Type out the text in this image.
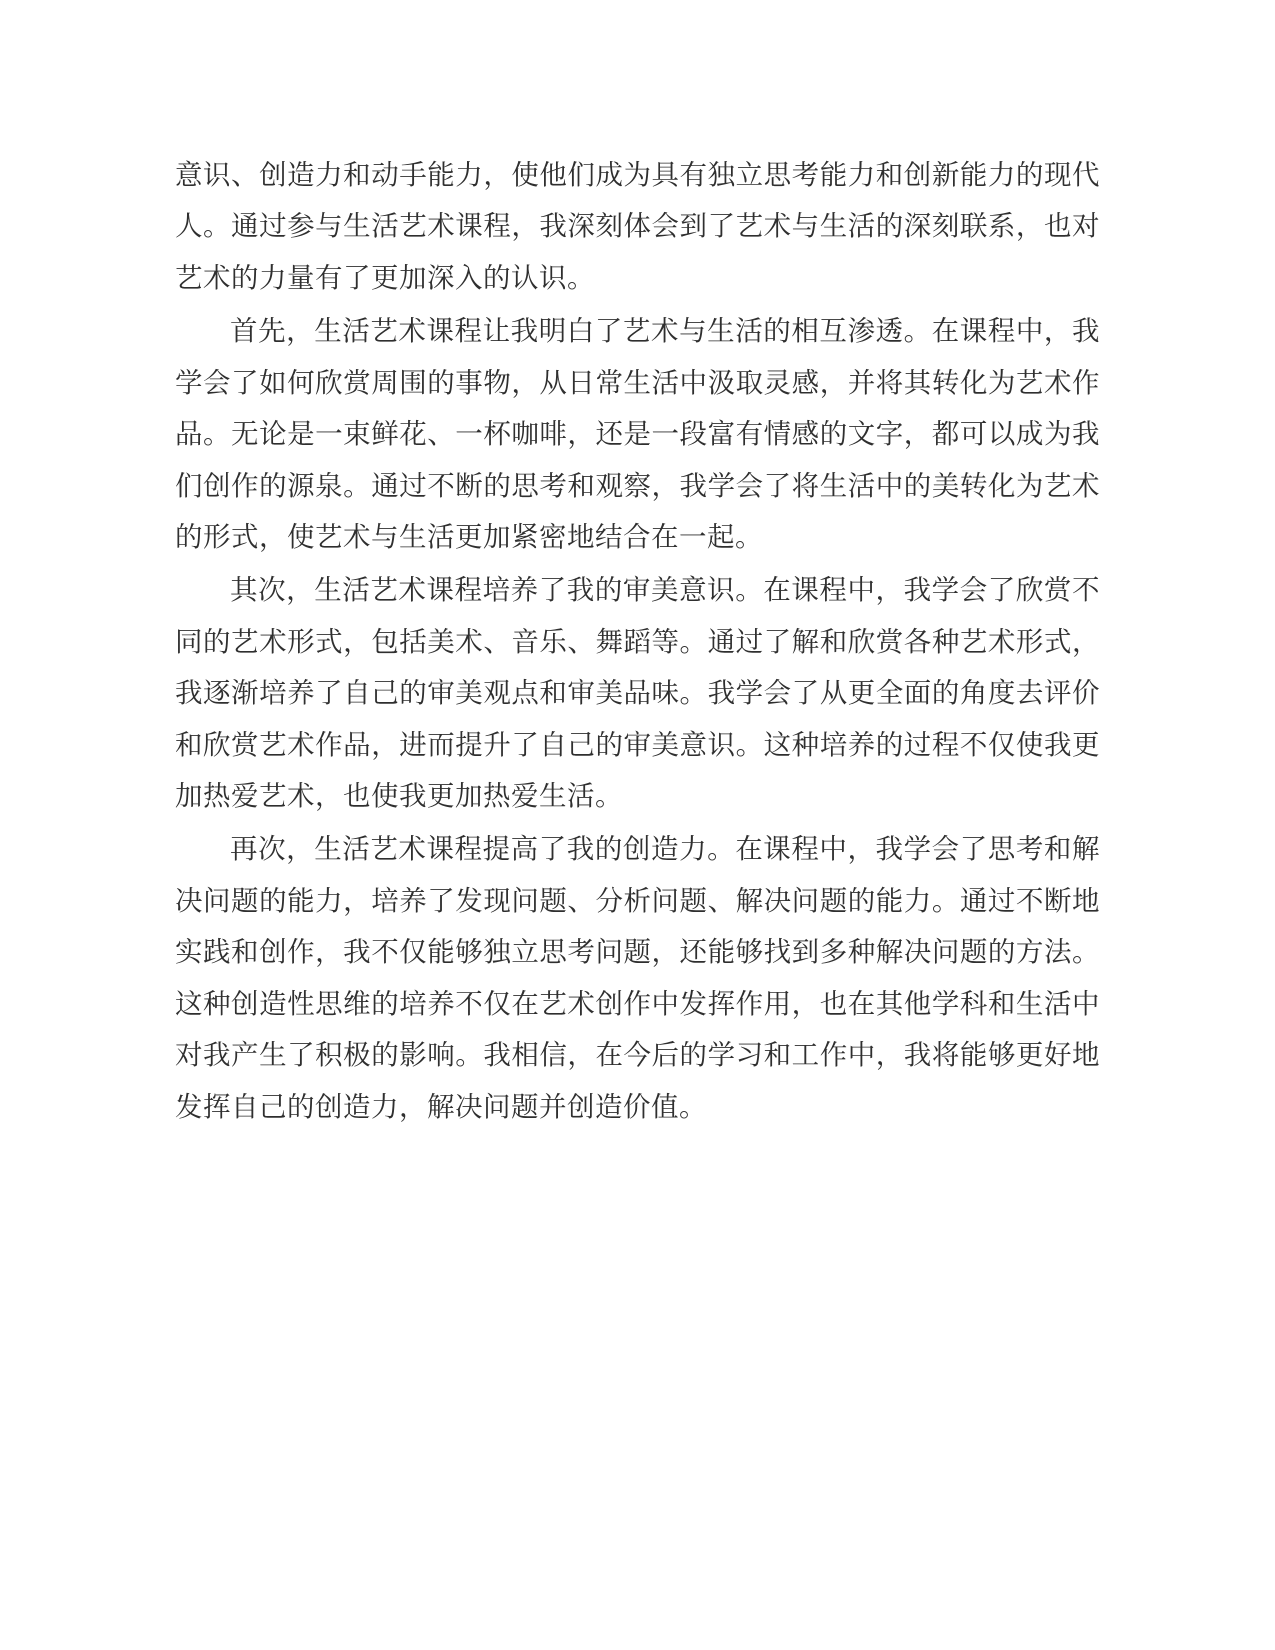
意识、创造力和动手能力，使他们成为具有独立思考能力和创新能力的现代人。通过参与生活艺术课程，我深刻体会到了艺术与生活的深刻联系，也对艺术的力量有了更加深入的认识。

首先，生活艺术课程让我明白了艺术与生活的相互渗透。在课程中，我学会了如何欣赏周围的事物，从日常生活中汲取灵感，并将其转化为艺术作品。无论是一束鲜花、一杯咖啡，还是一段富有情感的文字，都可以成为我们创作的源泉。通过不断的思考和观察，我学会了将生活中的美转化为艺术的形式，使艺术与生活更加紧密地结合在一起。

其次，生活艺术课程培养了我的审美意识。在课程中，我学会了欣赏不同的艺术形式，包括美术、音乐、舞蹈等。通过了解和欣赏各种艺术形式，我逐渐培养了自己的审美观点和审美品味。我学会了从更全面的角度去评价和欣赏艺术作品，进而提升了自己的审美意识。这种培养的过程不仅使我更加热爱艺术，也使我更加热爱生活。

再次，生活艺术课程提高了我的创造力。在课程中，我学会了思考和解决问题的能力，培养了发现问题、分析问题、解决问题的能力。通过不断地实践和创作，我不仅能够独立思考问题，还能够找到多种解决问题的方法。这种创造性思维的培养不仅在艺术创作中发挥作用，也在其他学科和生活中对我产生了积极的影响。我相信，在今后的学习和工作中，我将能够更好地发挥自己的创造力，解决问题并创造价值。
